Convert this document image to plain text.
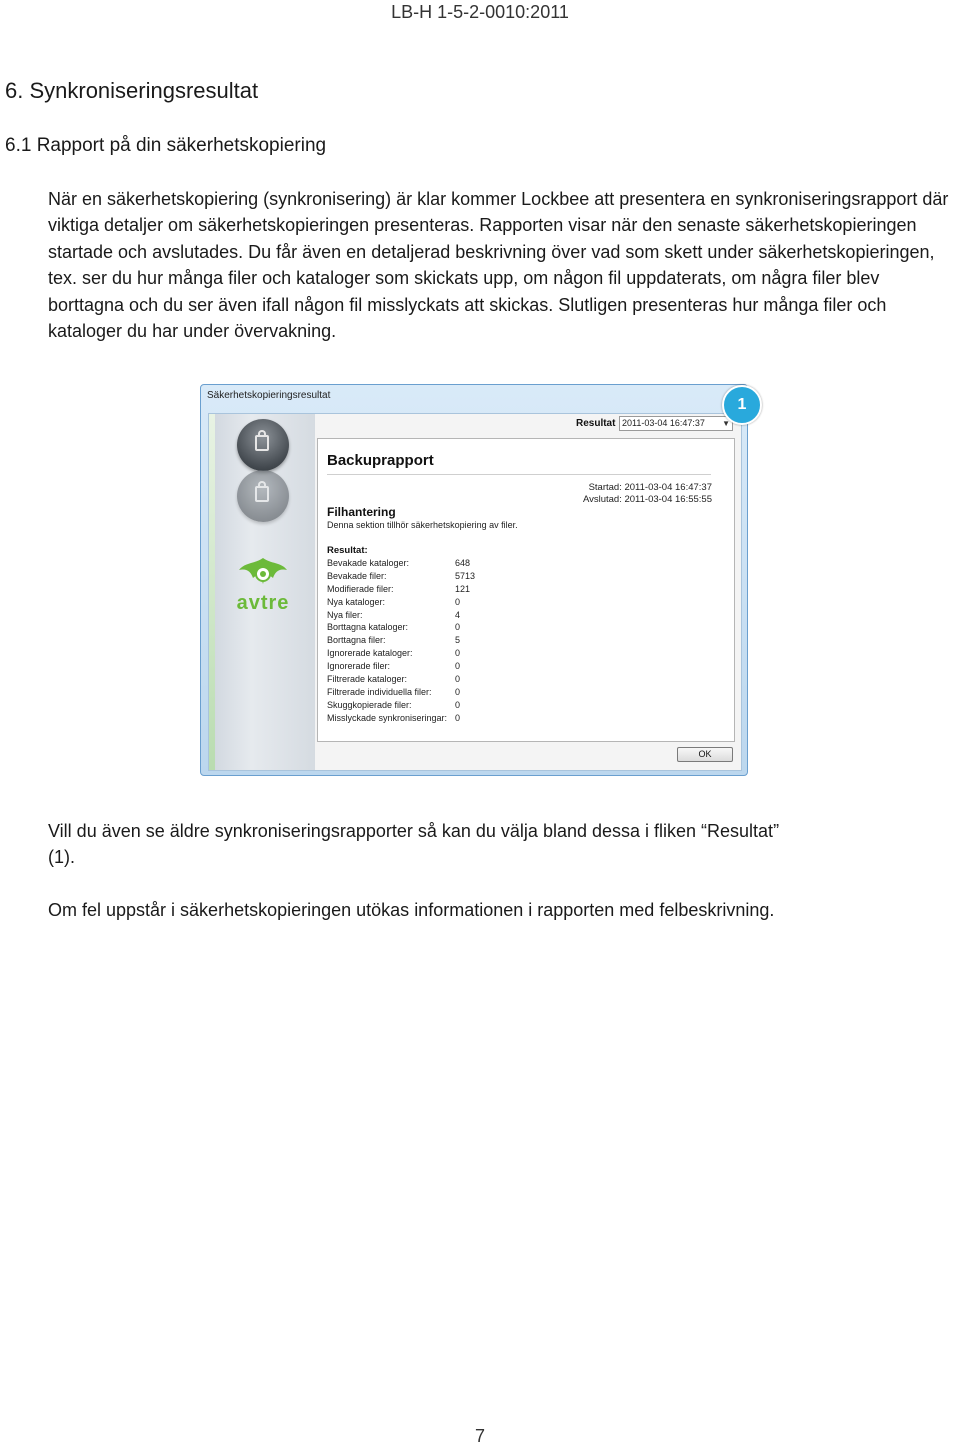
LB-H 1-5-2-0010:2011
6. Synkroniseringsresultat
6.1 Rapport på din säkerhetskopiering
När en säkerhetskopiering (synkronisering) är klar kommer Lockbee att presentera en synkroniseringsrapport där viktiga detaljer om säkerhetskopieringen presenteras. Rapporten visar när den senaste säkerhetskopieringen startade och avslutades. Du får även en detaljerad beskrivning över vad som skett under säkerhetskopieringen, tex. ser du hur många filer och kataloger som skickats upp, om någon fil uppdaterats, om några filer blev borttagna och du ser även ifall någon fil misslyckats att skickas. Slutligen presenteras hur många filer och kataloger du har under övervakning.
Säkerhetskopieringsresultat
avtre
Resultat 2011-03-04 16:47:37 ▼
Backuprapport
Startad: 2011-03-04 16:47:37
Avslutad: 2011-03-04 16:55:55
Filhantering
Denna sektion tillhör säkerhetskopiering av filer.
Resultat:
Bevakade kataloger:	648
Bevakade filer:	5713
Modifierade filer:	121
Nya kataloger:	0
Nya filer:	4
Borttagna kataloger:	0
Borttagna filer:	5
Ignorerade kataloger:	0
Ignorerade filer:	0
Filtrerade kataloger:	0
Filtrerade individuella filer:	0
Skuggkopierade filer:	0
Misslyckade synkroniseringar: 0
OK
1
Vill du även se äldre synkroniseringsrapporter så kan du välja bland dessa i fliken “Resultat” (1).
Om fel uppstår i säkerhetskopieringen utökas informationen i rapporten med felbeskrivning.
7
